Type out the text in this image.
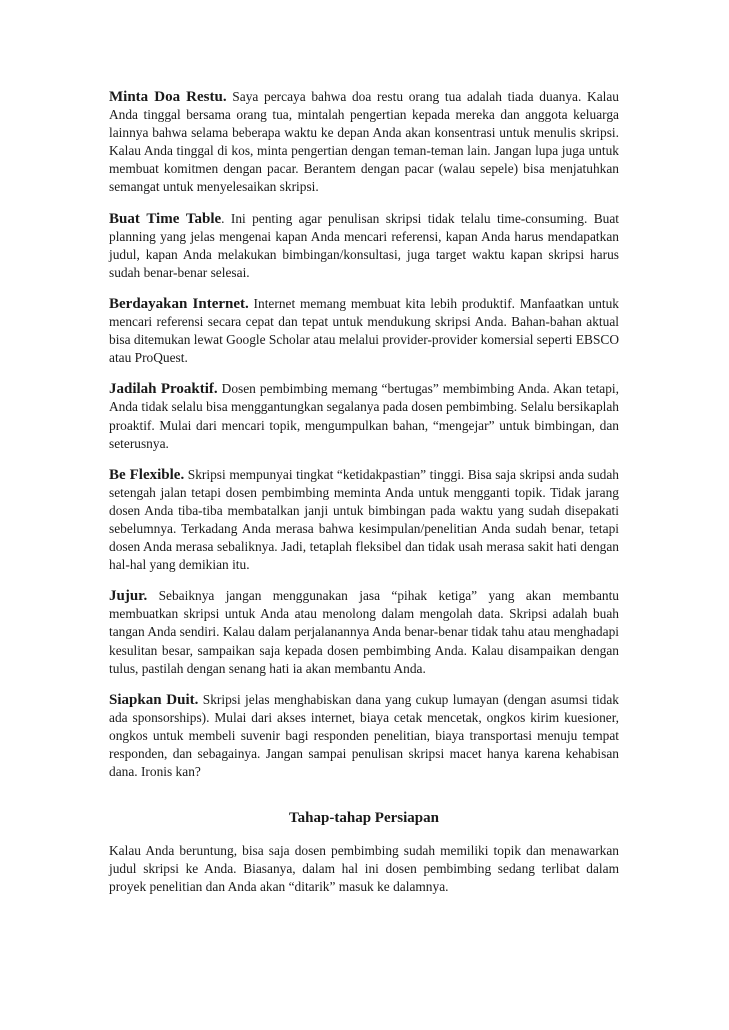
Minta Doa Restu. Saya percaya bahwa doa restu orang tua adalah tiada duanya. Kalau Anda tinggal bersama orang tua, mintalah pengertian kepada mereka dan anggota keluarga lainnya bahwa selama beberapa waktu ke depan Anda akan konsentrasi untuk menulis skripsi. Kalau Anda tinggal di kos, minta pengertian dengan teman-teman lain. Jangan lupa juga untuk membuat komitmen dengan pacar. Berantem dengan pacar (walau sepele) bisa menjatuhkan semangat untuk menyelesaikan skripsi.

Buat Time Table. Ini penting agar penulisan skripsi tidak telalu time-consuming. Buat planning yang jelas mengenai kapan Anda mencari referensi, kapan Anda harus mendapatkan judul, kapan Anda melakukan bimbingan/konsultasi, juga target waktu kapan skripsi harus sudah benar-benar selesai.

Berdayakan Internet. Internet memang membuat kita lebih produktif. Manfaatkan untuk mencari referensi secara cepat dan tepat untuk mendukung skripsi Anda. Bahan-bahan aktual bisa ditemukan lewat Google Scholar atau melalui provider-provider komersial seperti EBSCO atau ProQuest.

Jadilah Proaktif. Dosen pembimbing memang “bertugas” membimbing Anda. Akan tetapi, Anda tidak selalu bisa menggantungkan segalanya pada dosen pembimbing. Selalu bersikaplah proaktif. Mulai dari mencari topik, mengumpulkan bahan, “mengejar” untuk bimbingan, dan seterusnya.

Be Flexible. Skripsi mempunyai tingkat “ketidakpastian” tinggi. Bisa saja skripsi anda sudah setengah jalan tetapi dosen pembimbing meminta Anda untuk mengganti topik. Tidak jarang dosen Anda tiba-tiba membatalkan janji untuk bimbingan pada waktu yang sudah disepakati sebelumnya. Terkadang Anda merasa bahwa kesimpulan/penelitian Anda sudah benar, tetapi dosen Anda merasa sebaliknya. Jadi, tetaplah fleksibel dan tidak usah merasa sakit hati dengan hal-hal yang demikian itu.

Jujur. Sebaiknya jangan menggunakan jasa “pihak ketiga” yang akan membantu membuatkan skripsi untuk Anda atau menolong dalam mengolah data. Skripsi adalah buah tangan Anda sendiri. Kalau dalam perjalanannya Anda benar-benar tidak tahu atau menghadapi kesulitan besar, sampaikan saja kepada dosen pembimbing Anda. Kalau disampaikan dengan tulus, pastilah dengan senang hati ia akan membantu Anda.

Siapkan Duit. Skripsi jelas menghabiskan dana yang cukup lumayan (dengan asumsi tidak ada sponsorships). Mulai dari akses internet, biaya cetak mencetak, ongkos kirim kuesioner, ongkos untuk membeli suvenir bagi responden penelitian, biaya transportasi menuju tempat responden, dan sebagainya. Jangan sampai penulisan skripsi macet hanya karena kehabisan dana. Ironis kan?

Tahap-tahap Persiapan

Kalau Anda beruntung, bisa saja dosen pembimbing sudah memiliki topik dan menawarkan judul skripsi ke Anda. Biasanya, dalam hal ini dosen pembimbing sedang terlibat dalam proyek penelitian dan Anda akan “ditarik” masuk ke dalamnya.
